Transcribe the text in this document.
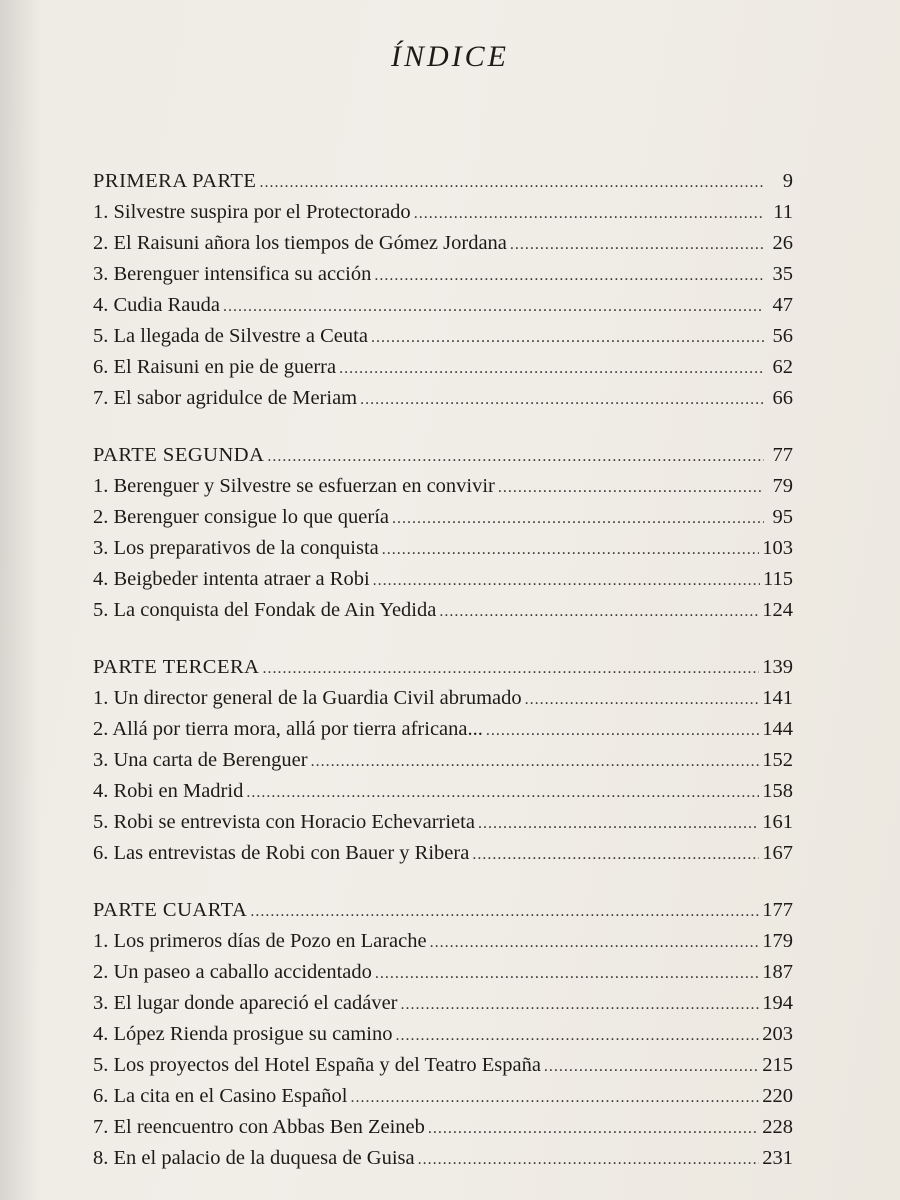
ÍNDICE
PRIMERA PARTE .....	9
1. Silvestre suspira por el Protectorado .....	11
2. El Raisuni añora los tiempos de Gómez Jordana .....	26
3. Berenguer intensifica su acción .....	35
4. Cudia Rauda .....	47
5. La llegada de Silvestre a Ceuta .....	56
6. El Raisuni en pie de guerra .....	62
7. El sabor agridulce de Meriam .....	66
PARTE SEGUNDA .....	77
1. Berenguer y Silvestre se esfuerzan en convivir .....	79
2. Berenguer consigue lo que quería .....	95
3. Los preparativos de la conquista .....	103
4. Beigbeder intenta atraer a Robi .....	115
5. La conquista del Fondak de Ain Yedida .....	124
PARTE TERCERA .....	139
1. Un director general de la Guardia Civil abrumado .....	141
2. Allá por tierra mora, allá por tierra africana... .....	144
3. Una carta de Berenguer .....	152
4. Robi en Madrid .....	158
5. Robi se entrevista con Horacio Echevarrieta .....	161
6. Las entrevistas de Robi con Bauer y Ribera .....	167
PARTE CUARTA .....	177
1. Los primeros días de Pozo en Larache .....	179
2. Un paseo a caballo accidentado .....	187
3. El lugar donde apareció el cadáver .....	194
4. López Rienda prosigue su camino .....	203
5. Los proyectos del Hotel España y del Teatro España .....	215
6. La cita en el Casino Español .....	220
7. El reencuentro con Abbas Ben Zeineb .....	228
8. En el palacio de la duquesa de Guisa .....	231
